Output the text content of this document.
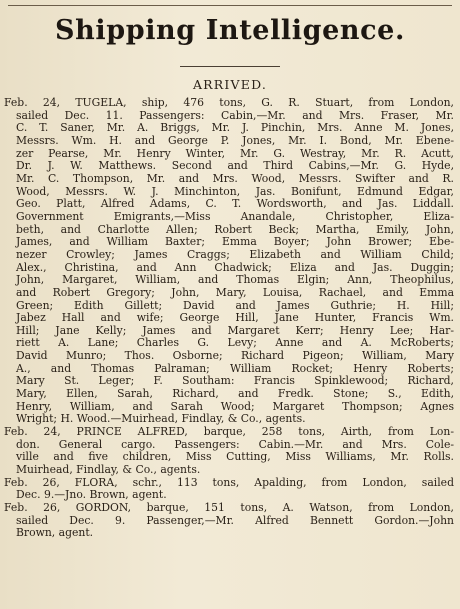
Shipping Intelligence.
ARRIVED.
Feb. 24, TUGELA, ship, 476 tons, G. R. Stuart, from London,
sailed Dec. 11. Passengers: Cabin,—Mr. and Mrs. Fraser, Mr.
C. T. Saner, Mr. A. Briggs, Mr. J. Pinchin, Mrs. Anne M. Jones,
Messrs. Wm. H. and George P. Jones, Mr. I. Bond, Mr. Ebene-
zer Pearse, Mr. Henry Winter, Mr. G. Westray, Mr. R. Acutt,
Dr. J. W. Matthews. Second and Third Cabins,—Mr. G. Hyde,
Mr. C. Thompson, Mr. and Mrs. Wood, Messrs. Swifter and R.
Wood, Messrs. W. J. Minchinton, Jas. Bonifunt, Edmund Edgar,
Geo. Platt, Alfred Adams, C. T. Wordsworth, and Jas. Liddall.
Government Emigrants,—Miss Anandale, Christopher, Eliza-
beth, and Charlotte Allen; Robert Beck; Martha, Emily, John,
James, and William Baxter; Emma Boyer; John Brower; Ebe-
nezer Crowley; James Craggs; Elizabeth and William Child;
Alex., Christina, and Ann Chadwick; Eliza and Jas. Duggin;
John, Margaret, William, and Thomas Elgin; Ann, Theophilus,
and Robert Gregory; John, Mary, Louisa, Rachael, and Emma
Green; Edith Gillett; David and James Guthrie; H. Hill;
Jabez Hall and wife; George Hill, Jane Hunter, Francis Wm.
Hill; Jane Kelly; James and Margaret Kerr; Henry Lee; Har-
riett A. Lane; Charles G. Levy; Anne and A. McRoberts;
David Munro; Thos. Osborne; Richard Pigeon; William, Mary
A., and Thomas Palraman; William Rocket; Henry Roberts;
Mary St. Leger; F. Southam: Francis Spinklewood; Richard,
Mary, Ellen, Sarah, Richard, and Fredk. Stone; S., Edith,
Henry, William, and Sarah Wood; Margaret Thompson; Agnes
Wright; H. Wood.—Muirhead, Findlay, & Co., agents.
Feb. 24, PRINCE ALFRED, barque, 258 tons, Airth, from Lon-
don. General cargo. Passengers: Cabin.—Mr. and Mrs. Cole-
ville and five children, Miss Cutting, Miss Williams, Mr. Rolls.
Muirhead, Findlay, & Co., agents.
Feb. 26, FLORA, schr., 113 tons, Apalding, from London, sailed
Dec. 9.—Jno. Brown, agent.
Feb. 26, GORDON, barque, 151 tons, A. Watson, from London,
sailed Dec. 9. Passenger,—Mr. Alfred Bennett Gordon.—John
Brown, agent.
